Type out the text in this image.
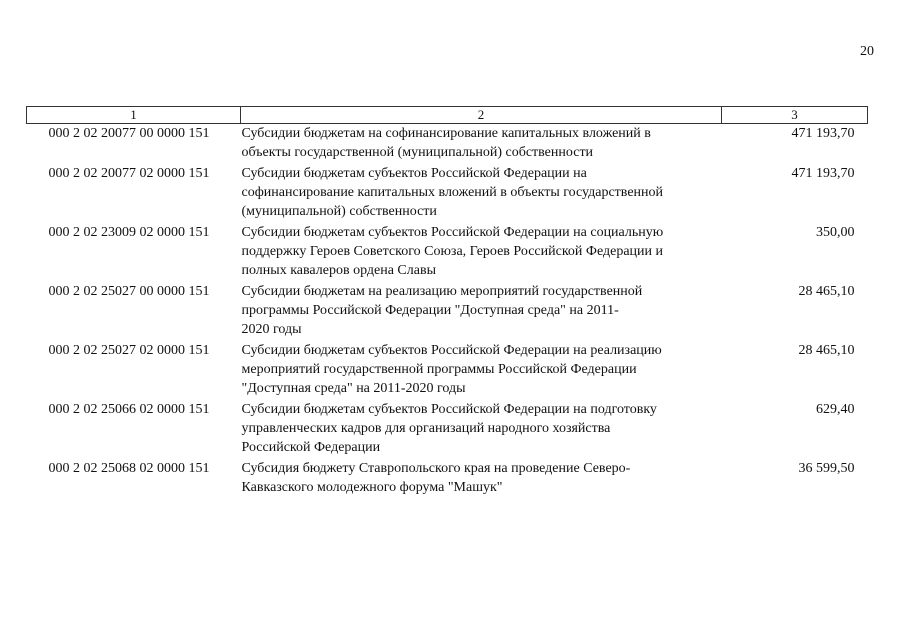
20
1	2	3
000 2 02 20077 00 0000 151	Субсидии бюджетам на софинансирование капитальных вложений в
объекты государственной (муниципальной) собственности	471 193,70
000 2 02 20077 02 0000 151	Субсидии бюджетам субъектов Российской Федерации на
софинансирование капитальных вложений в объекты государственной
(муниципальной) собственности	471 193,70
000 2 02 23009 02 0000 151	Субсидии бюджетам субъектов Российской Федерации на социальную
поддержку Героев Советского Союза, Героев Российской Федерации и
полных кавалеров ордена Славы	350,00
000 2 02 25027 00 0000 151	Субсидии бюджетам на реализацию мероприятий государственной
программы Российской Федерации "Доступная среда" на 2011-
2020 годы	28 465,10
000 2 02 25027 02 0000 151	Субсидии бюджетам субъектов Российской Федерации на реализацию
мероприятий государственной программы Российской Федерации
"Доступная среда" на 2011-2020 годы	28 465,10
000 2 02 25066 02 0000 151	Субсидии бюджетам субъектов Российской Федерации на подготовку
управленческих кадров для организаций народного хозяйства
Российской Федерации	629,40
000 2 02 25068 02 0000 151	Субсидия бюджету Ставропольского края на проведение Северо-
Кавказского молодежного форума "Машук"	36 599,50
